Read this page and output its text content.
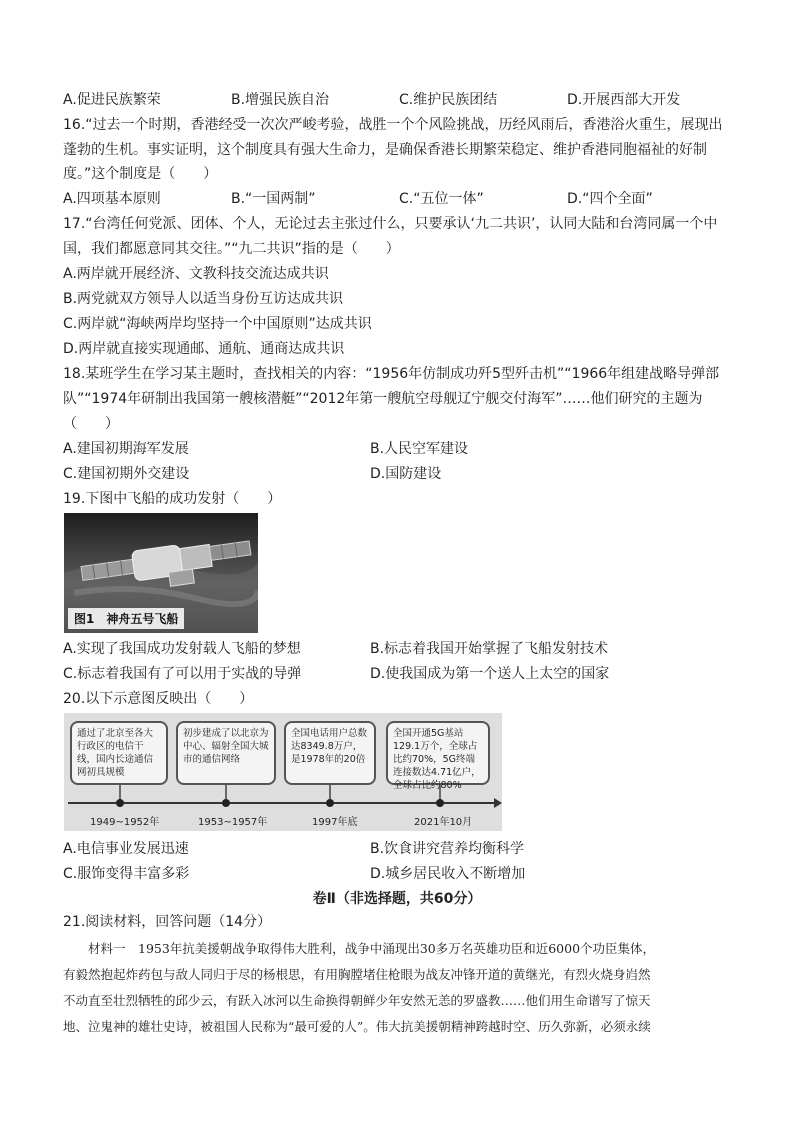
A.促进民族繁荣	B.增强民族自治	C.维护民族团结	D.开展西部大开发
16.“过去一个时期，香港经受一次次严峻考验，战胜一个个风险挑战，历经风雨后，香港浴火重生，展现出
蓬勃的生机。事实证明，这个制度具有强大生命力，是确保香港长期繁荣稳定、维护香港同胞福祉的好制
度。”这个制度是（　　）
A.四项基本原则	B.“一国两制”	C.“五位一体”	D.“四个全面”
17.“台湾任何党派、团体、个人，无论过去主张过什么，只要承认‘九二共识’，认同大陆和台湾同属一个中
国，我们都愿意同其交往。”“九二共识”指的是（　　）
A.两岸就开展经济、文教科技交流达成共识
B.两党就双方领导人以适当身份互访达成共识
C.两岸就“海峡两岸均坚持一个中国原则”达成共识
D.两岸就直接实现通邮、通航、通商达成共识
18.某班学生在学习某主题时，查找相关的内容：“1956年仿制成功歼5型歼击机”“1966年组建战略导弹部
队”“1974年研制出我国第一艘核潜艇”“2012年第一艘航空母舰辽宁舰交付海军”……他们研究的主题为
（　　）
A.建国初期海军发展	B.人民空军建设
C.建国初期外交建设	D.国防建设
19.下图中飞船的成功发射（　　）
图1　神舟五号飞船
A.实现了我国成功发射载人飞船的梦想	B.标志着我国开始掌握了飞船发射技术
C.标志着我国有了可以用于实战的导弹	D.使我国成为第一个送人上太空的国家
20.以下示意图反映出（　　）
通过了北京至各大行政区的电信干线，国内长途通信网初具规模
初步建成了以北京为中心、辐射全国大城市的通信网络
全国电话用户总数达8349.8万户，是1978年的20倍
全国开通5G基站129.1万个，全球占比约70%，5G终端连接数达4.71亿户，全球占比约80%
1949~1952年	1953~1957年	1997年底	2021年10月
A.电信事业发展迅速	B.饮食讲究营养均衡科学
C.服饰变得丰富多彩	D.城乡居民收入不断增加
卷Ⅱ（非选择题，共60分）
21.阅读材料，回答问题（14分）
　　材料一　1953年抗美援朝战争取得伟大胜利，战争中涌现出30多万名英雄功臣和近6000个功臣集体，
有毅然抱起炸药包与敌人同归于尽的杨根思，有用胸膛堵住枪眼为战友冲锋开道的黄继光，有烈火烧身岿然
不动直至壮烈牺牲的邱少云，有跃入冰河以生命换得朝鲜少年安然无恙的罗盛教……他们用生命谱写了惊天
地、泣鬼神的雄壮史诗，被祖国人民称为“最可爱的人”。伟大抗美援朝精神跨越时空、历久弥新，必须永续
